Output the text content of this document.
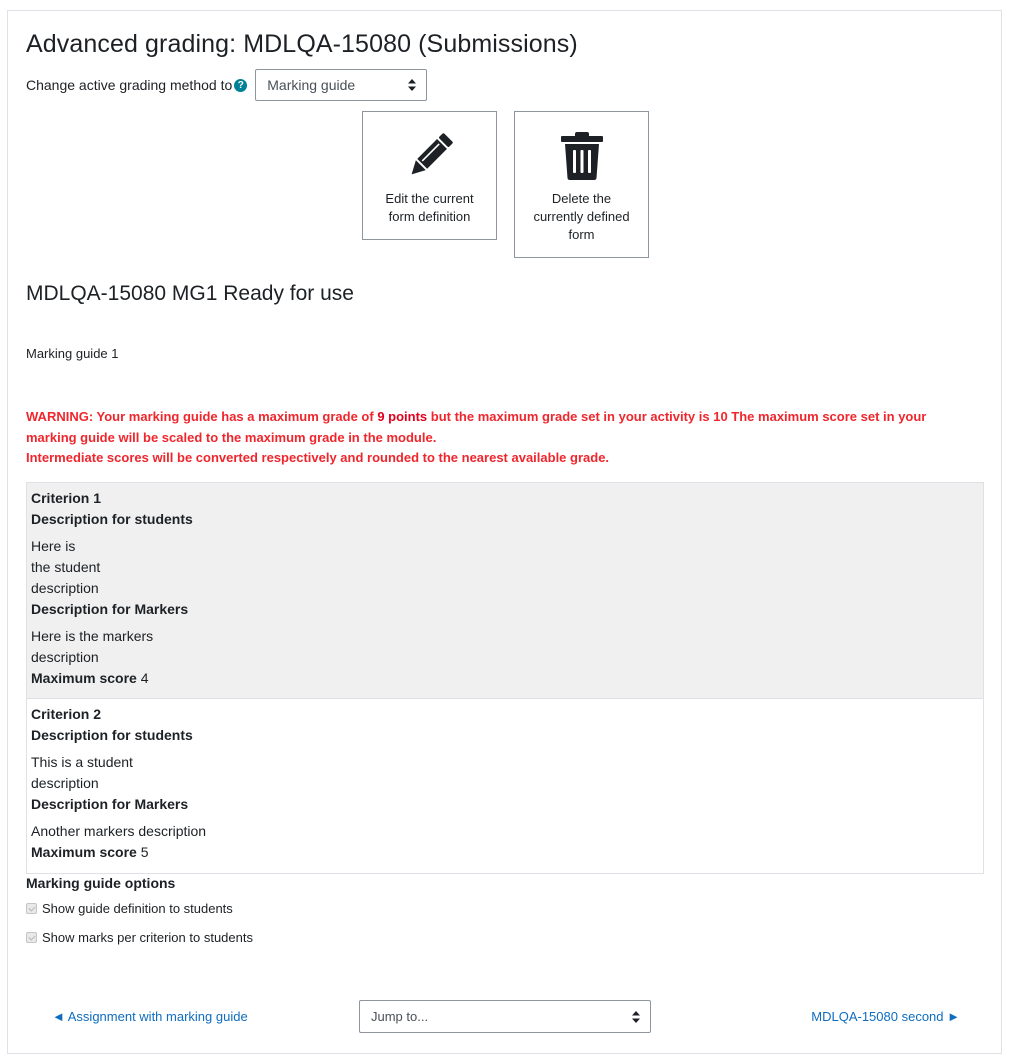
Advanced grading: MDLQA-15080 (Submissions)
Change active grading method to ? Marking guide
Edit the current form definition
Delete the currently defined form
MDLQA-15080 MG1 Ready for use
Marking guide 1
WARNING: Your marking guide has a maximum grade of 9 points but the maximum grade set in your activity is 10 The maximum score set in your marking guide will be scaled to the maximum grade in the module.
Intermediate scores will be converted respectively and rounded to the nearest available grade.
Criterion 1
Description for students
Here is
the student
description
Description for Markers
Here is the markers
description
Maximum score 4
Criterion 2
Description for students
This is a student
description
Description for Markers
Another markers description
Maximum score 5
Marking guide options
Show guide definition to students
Show marks per criterion to students
◄ Assignment with marking guide	Jump to...	MDLQA-15080 second ►
